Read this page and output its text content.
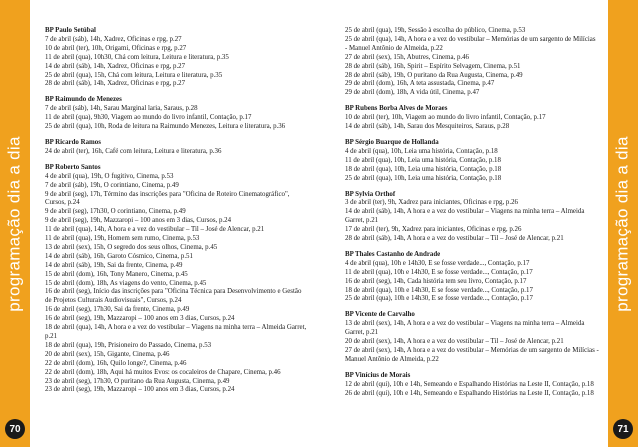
programação dia a dia	programação dia a dia
70	71
BP Paulo Setúbal

7 de abril (sáb), 14h, Xadrez, Oficinas e rpg, p.27

10 de abril (ter), 10h, Origami, Oficinas e rpg, p.27

11 de abril (qua), 10h30, Chá com leitura, Leitura e literatura, p.35

14 de abril (sáb), 14h, Xadrez, Oficinas e rpg, p.27

25 de abril (qua), 15h, Chá com leitura, Leitura e literatura, p.35

28 de abril (sáb), 14h, Xadrez, Oficinas e rpg, p.27

BP Raimundo de Menezes

7 de abril (sáb), 14h, Sarau Marginal laria, Saraus, p.28

11 de abril (qua), 9h30, Viagem ao mundo do livro infantil, Contação, p.17

25 de abril (qua), 10h, Roda de leitura na Raimundo Menezes, Leitura e literatura, p.36

BP Ricardo Ramos

24 de abril (ter), 16h, Café com leitura, Leitura e literatura, p.36

BP Roberto Santos

4 de abril (qua), 19h, O fugitivo, Cinema, p.53

7 de abril (sáb), 19h, O corintiano, Cinema, p.49

9 de abril (seg), 17h, Término das inscrições para "Oficina de Roteiro Cinematográfico", Cursos, p.24

9 de abril (seg), 17h30, O corintiano, Cinema, p.49

9 de abril (seg), 19h, Mazzaropi – 100 anos em 3 dias, Cursos, p.24

11 de abril (qua), 14h, A hora e a vez do vestibular – Til – José de Alencar, p.21

11 de abril (qua), 19h, Homem sem rumo, Cinema, p.53

13 de abril (sex), 15h, O segredo dos seus olhos, Cinema, p.45

14 de abril (sáb), 16h, Garoto Cósmico, Cinema, p.51

14 de abril (sáb), 19h, Sai da frente, Cinema, p.49

15 de abril (dom), 16h, Tony Manero, Cinema, p.45

15 de abril (dom), 18h, As viagens do vento, Cinema, p.45

16 de abril (seg), Início das inscrições para "Oficina Técnica para Desenvolvimento e Gestão de Projetos Culturais Audiovisuais", Cursos, p.24

16 de abril (seg), 17h30, Sai da frente, Cinema, p.49

16 de abril (seg), 19h, Mazzaropi – 100 anos em 3 dias, Cursos, p.24

18 de abril (qua), 14h, A hora e a vez do vestibular – Viagens na minha terra – Almeida Garret, p.21

18 de abril (qua), 19h, Prisioneiro do Passado, Cinema, p.53

20 de abril (sex), 15h, Gigante, Cinema, p.46

22 de abril (dom), 16h, Quilo longe?, Cinema, p.46

22 de abril (dom), 18h, Aqui há muitos Evos: os cocaleiros de Chapare, Cinema, p.46

23 de abril (seg), 17h30, O puritano da Rua Augusta, Cinema, p.49

23 de abril (seg), 19h, Mazzaropi – 100 anos em 3 dias, Cursos, p.24

25 de abril (qua), 19h, Sessão à escolha do público, Cinema, p.53

25 de abril (qua), 14h, A hora e a vez do vestibular – Memórias de um sargento de Milícias - Manuel Antônio de Almeida, p.22

27 de abril (sex), 15h, Abutres, Cinema, p.46

28 de abril (sáb), 16h, Spirit – Espírito Selvagem, Cinema, p.51

28 de abril (sáb), 19h, O puritano da Rua Augusta, Cinema, p.49

29 de abril (dom), 16h, A teta assustada, Cinema, p.47

29 de abril (dom), 18h, A vida útil, Cinema, p.47

BP Rubens Borba Alves de Moraes

10 de abril (ter), 10h, Viagem ao mundo do livro infantil, Contação, p.17

14 de abril (sáb), 14h, Sarau dos Mesquiteiros, Saraus, p.28

BP Sérgio Buarque de Hollanda

4 de abril (qua), 10h, Leia uma história, Contação, p.18

11 de abril (qua), 10h, Leia uma história, Contação, p.18

18 de abril (qua), 10h, Leia uma história, Contação, p.18

25 de abril (qua), 10h, Leia uma história, Contação, p.18

BP Sylvia Orthof

3 de abril (ter), 9h, Xadrez para iniciantes, Oficinas e rpg, p.26

14 de abril (sáb), 14h, A hora e a vez do vestibular – Viagens na minha terra – Almeida Garret, p.21

17 de abril (ter), 9h, Xadrez para iniciantes, Oficinas e rpg, p.26

28 de abril (sáb), 14h, A hora e a vez do vestibular – Til – José de Alencar, p.21

BP Thales Castanho de Andrade

4 de abril (qua), 10h e 14h30, E se fosse verdade..., Contação, p.17

11 de abril (qua), 10h e 14h30, E se fosse verdade..., Contação, p.17

16 de abril (seg), 14h, Cada história tem seu livro, Contação, p.17

18 de abril (qua), 10h e 14h30, E se fosse verdade..., Contação, p.17

25 de abril (qua), 10h e 14h30, E se fosse verdade..., Contação, p.17

BP Vicente de Carvalho

13 de abril (sex), 14h, A hora e a vez do vestibular – Viagens na minha terra – Almeida Garret, p.21

20 de abril (sex), 14h, A hora e a vez do vestibular – Til – José de Alencar, p.21

27 de abril (sex), 14h, A hora e a vez do vestibular – Memórias de um sargento de Milícias - Manuel Antônio de Almeida, p.22

BP Vinícius de Morais

12 de abril (qui), 10h e 14h, Semeando e Espalhando Histórias na Leste II, Contação, p.18

26 de abril (qui), 10h e 14h, Semeando e Espalhando Histórias na Leste II, Contação, p.18
